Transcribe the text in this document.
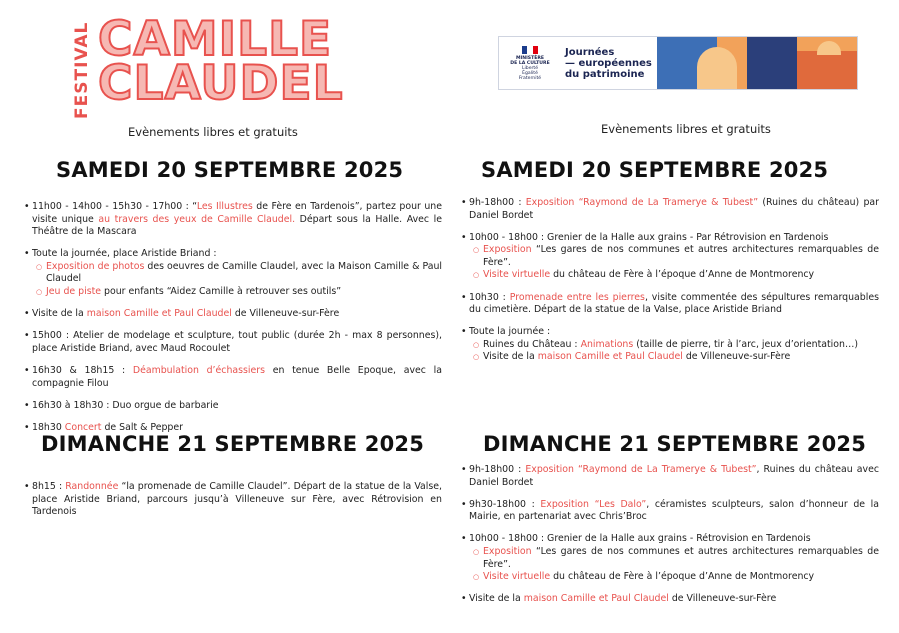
FESTIVAL CAMILLE
CLAUDEL
Evènements libres et gratuits
MINISTÈRE
DE LA CULTURE
Liberté
Égalité
Fraternité
Journées
— européennes
du patrimoine
Evènements libres et gratuits
SAMEDI 20 SEPTEMBRE 2025	SAMEDI 20 SEPTEMBRE 2025
DIMANCHE 21 SEPTEMBRE 2025	DIMANCHE 21 SEPTEMBRE 2025
• 11h00 - 14h00 - 15h30 - 17h00 : “Les Illustres de Fère en Tardenois”, partez pour une visite unique au travers des yeux de Camille Claudel. Départ sous la Halle. Avec le Théâtre de la Mascara
• Toute la journée, place Aristide Briand :
○ Exposition de photos des oeuvres de Camille Claudel, avec la Maison Camille & Paul Claudel
○ Jeu de piste pour enfants “Aidez Camille à retrouver ses outils”
• Visite de la maison Camille et Paul Claudel de Villeneuve-sur-Fère
• 15h00 : Atelier de modelage et sculpture, tout public (durée 2h - max 8 personnes), place Aristide Briand, avec Maud Rocoulet
• 16h30 & 18h15 : Déambulation d’échassiers en tenue Belle Epoque, avec la compagnie Filou
• 16h30 à 18h30 : Duo orgue de barbarie
• 18h30 Concert de Salt & Pepper
• 9h-18h00 : Exposition “Raymond de La Tramerye & Tubest” (Ruines du château) par Daniel Bordet
• 10h00 - 18h00 : Grenier de la Halle aux grains - Par Rétrovision en Tardenois
○ Exposition “Les gares de nos communes et autres architectures remarquables de Fère”.
○ Visite virtuelle du château de Fère à l’époque d’Anne de Montmorency
• 10h30 : Promenade entre les pierres, visite commentée des sépultures remarquables du cimetière. Départ de la statue de la Valse, place Aristide Briand
• Toute la journée :
○ Ruines du Château : Animations (taille de pierre, tir à l’arc, jeux d’orientation…)
○ Visite de la maison Camille et Paul Claudel de Villeneuve-sur-Fère
• 8h15 : Randonnée “la promenade de Camille Claudel”. Départ de la statue de la Valse, place Aristide Briand, parcours jusqu’à Villeneuve sur Fère, avec Rétrovision en Tardenois
• 9h-18h00 : Exposition “Raymond de La Tramerye & Tubest”, Ruines du château avec Daniel Bordet
• 9h30-18h00 : Exposition “Les Dalo”, céramistes sculpteurs, salon d’honneur de la Mairie, en partenariat avec Chris’Broc
• 10h00 - 18h00 : Grenier de la Halle aux grains - Rétrovision en Tardenois
○ Exposition “Les gares de nos communes et autres architectures remarquables de Fère”.
○ Visite virtuelle du château de Fère à l’époque d’Anne de Montmorency
• Visite de la maison Camille et Paul Claudel de Villeneuve-sur-Fère
